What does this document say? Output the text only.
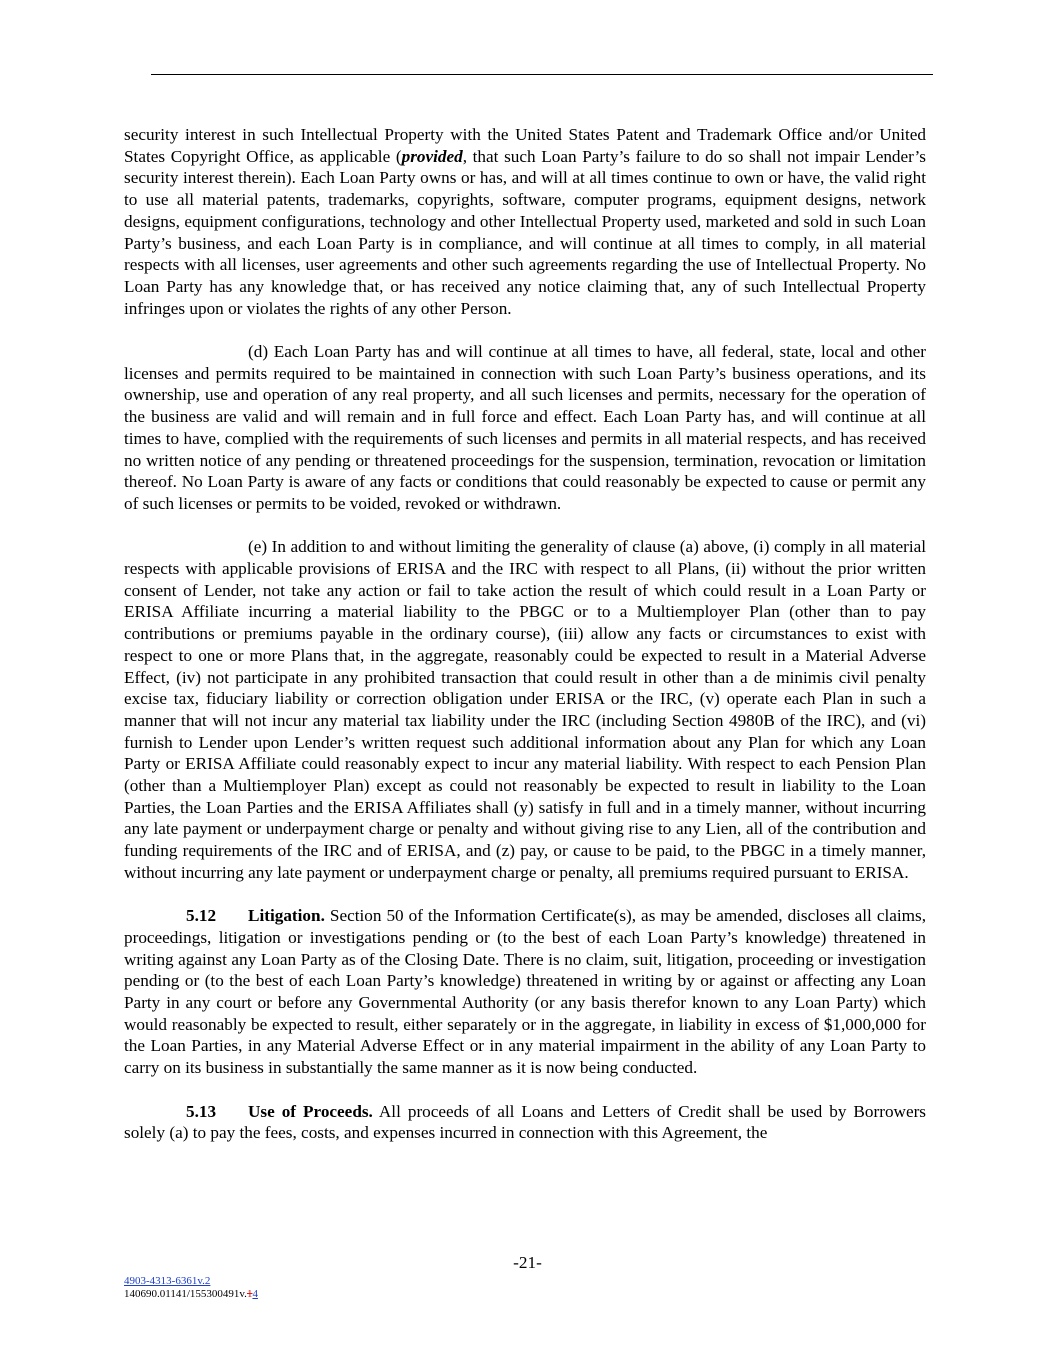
security interest in such Intellectual Property with the United States Patent and Trademark Office and/or United States Copyright Office, as applicable (provided, that such Loan Party’s failure to do so shall not impair Lender’s security interest therein). Each Loan Party owns or has, and will at all times continue to own or have, the valid right to use all material patents, trademarks, copyrights, software, computer programs, equipment designs, network designs, equipment configurations, technology and other Intellectual Property used, marketed and sold in such Loan Party’s business, and each Loan Party is in compliance, and will continue at all times to comply, in all material respects with all licenses, user agreements and other such agreements regarding the use of Intellectual Property. No Loan Party has any knowledge that, or has received any notice claiming that, any of such Intellectual Property infringes upon or violates the rights of any other Person.

(d) Each Loan Party has and will continue at all times to have, all federal, state, local and other licenses and permits required to be maintained in connection with such Loan Party’s business operations, and its ownership, use and operation of any real property, and all such licenses and permits, necessary for the operation of the business are valid and will remain and in full force and effect. Each Loan Party has, and will continue at all times to have, complied with the requirements of such licenses and permits in all material respects, and has received no written notice of any pending or threatened proceedings for the suspension, termination, revocation or limitation thereof. No Loan Party is aware of any facts or conditions that could reasonably be expected to cause or permit any of such licenses or permits to be voided, revoked or withdrawn.

(e) In addition to and without limiting the generality of clause (a) above, (i) comply in all material respects with applicable provisions of ERISA and the IRC with respect to all Plans, (ii) without the prior written consent of Lender, not take any action or fail to take action the result of which could result in a Loan Party or ERISA Affiliate incurring a material liability to the PBGC or to a Multiemployer Plan (other than to pay contributions or premiums payable in the ordinary course), (iii) allow any facts or circumstances to exist with respect to one or more Plans that, in the aggregate, reasonably could be expected to result in a Material Adverse Effect, (iv) not participate in any prohibited transaction that could result in other than a de minimis civil penalty excise tax, fiduciary liability or correction obligation under ERISA or the IRC, (v) operate each Plan in such a manner that will not incur any material tax liability under the IRC (including Section 4980B of the IRC), and (vi) furnish to Lender upon Lender’s written request such additional information about any Plan for which any Loan Party or ERISA Affiliate could reasonably expect to incur any material liability. With respect to each Pension Plan (other than a Multiemployer Plan) except as could not reasonably be expected to result in liability to the Loan Parties, the Loan Parties and the ERISA Affiliates shall (y) satisfy in full and in a timely manner, without incurring any late payment or underpayment charge or penalty and without giving rise to any Lien, all of the contribution and funding requirements of the IRC and of ERISA, and (z) pay, or cause to be paid, to the PBGC in a timely manner, without incurring any late payment or underpayment charge or penalty, all premiums required pursuant to ERISA.

5.12 Litigation. Section 50 of the Information Certificate(s), as may be amended, discloses all claims, proceedings, litigation or investigations pending or (to the best of each Loan Party’s knowledge) threatened in writing against any Loan Party as of the Closing Date. There is no claim, suit, litigation, proceeding or investigation pending or (to the best of each Loan Party’s knowledge) threatened in writing by or against or affecting any Loan Party in any court or before any Governmental Authority (or any basis therefor known to any Loan Party) which would reasonably be expected to result, either separately or in the aggregate, in liability in excess of $1,000,000 for the Loan Parties, in any Material Adverse Effect or in any material impairment in the ability of any Loan Party to carry on its business in substantially the same manner as it is now being conducted.

5.13 Use of Proceeds. All proceeds of all Loans and Letters of Credit shall be used by Borrowers solely (a) to pay the fees, costs, and expenses incurred in connection with this Agreement, the

-21-
4903-4313-6361v.2
140690.01141/155300491v.14
